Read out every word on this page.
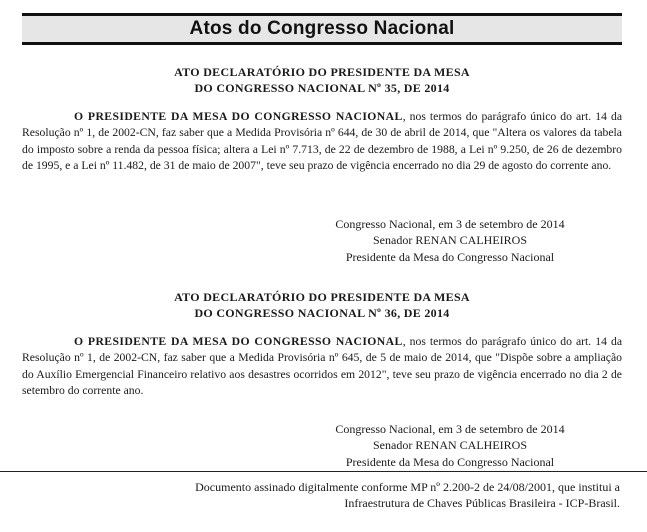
Atos do Congresso Nacional

ATO DECLARATÓRIO DO PRESIDENTE DA MESA
DO CONGRESSO NACIONAL Nº 35, DE 2014

O PRESIDENTE DA MESA DO CONGRESSO NACIONAL, nos termos do parágrafo único do art. 14 da Resolução nº 1, de 2002-CN, faz saber que a Medida Provisória nº 644, de 30 de abril de 2014, que "Altera os valores da tabela do imposto sobre a renda da pessoa física; altera a Lei nº 7.713, de 22 de dezembro de 1988, a Lei nº 9.250, de 26 de dezembro de 1995, e a Lei nº 11.482, de 31 de maio de 2007", teve seu prazo de vigência encerrado no dia 29 de agosto do corrente ano.

Congresso Nacional, em 3 de setembro de 2014
Senador RENAN CALHEIROS
Presidente da Mesa do Congresso Nacional

ATO DECLARATÓRIO DO PRESIDENTE DA MESA
DO CONGRESSO NACIONAL Nº 36, DE 2014

O PRESIDENTE DA MESA DO CONGRESSO NACIONAL, nos termos do parágrafo único do art. 14 da Resolução nº 1, de 2002-CN, faz saber que a Medida Provisória nº 645, de 5 de maio de 2014, que "Dispõe sobre a ampliação do Auxílio Emergencial Financeiro relativo aos desastres ocorridos em 2012", teve seu prazo de vigência encerrado no dia 2 de setembro do corrente ano.

Congresso Nacional, em 3 de setembro de 2014
Senador RENAN CALHEIROS
Presidente da Mesa do Congresso Nacional
Documento assinado digitalmente conforme MP nº 2.200-2 de 24/08/2001, que institui a
Infraestrutura de Chaves Públicas Brasileira - ICP-Brasil.
